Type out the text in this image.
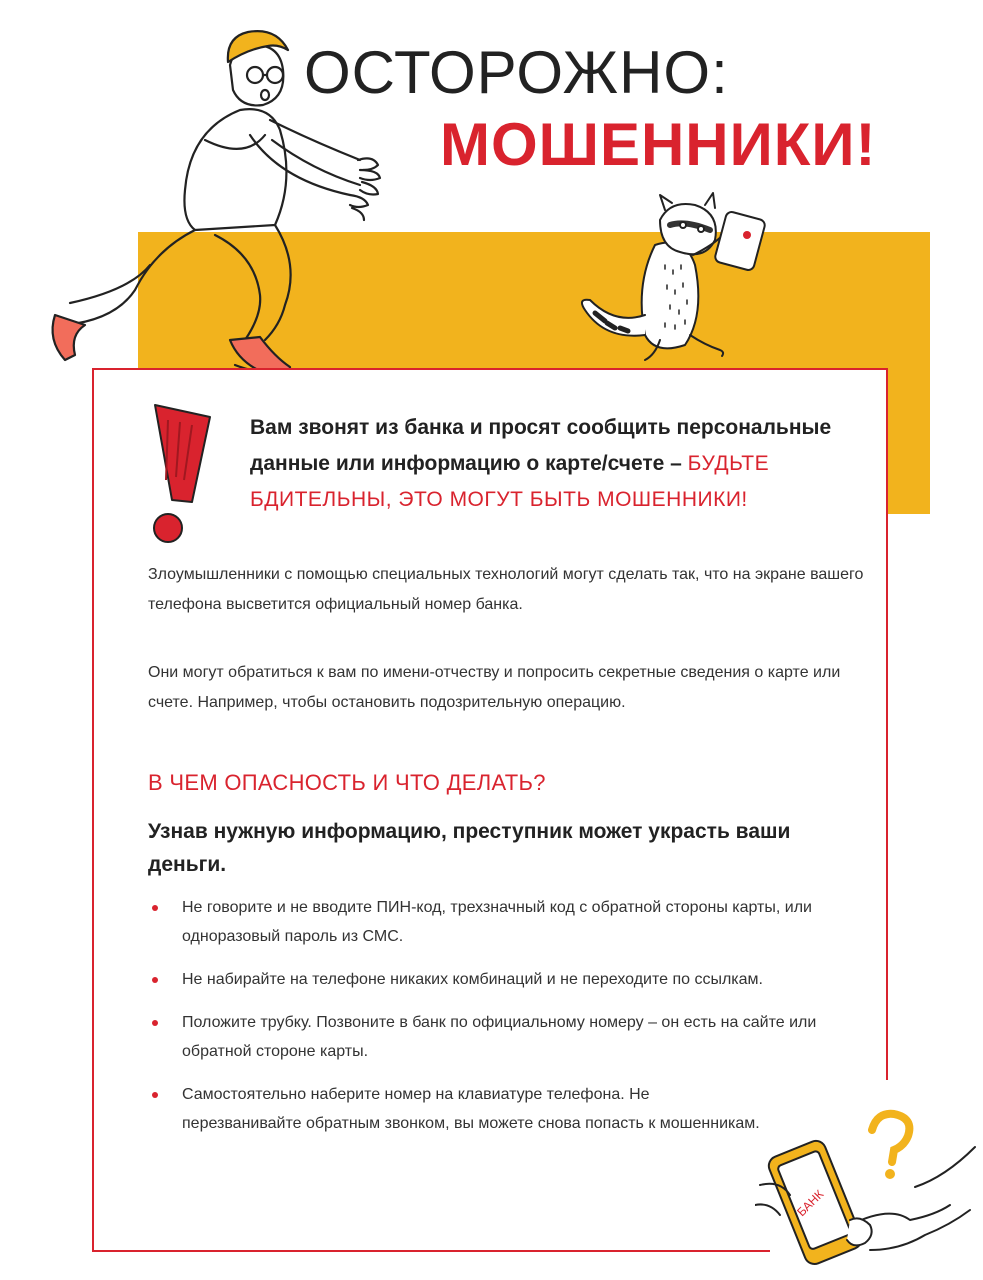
ОСТОРОЖНО:
МОШЕННИКИ!
Вам звонят из банка и просят сообщить персональные данные или информацию о карте/счете – БУДЬТЕ БДИТЕЛЬНЫ, ЭТО МОГУТ БЫТЬ МОШЕННИКИ!
Злоумышленники с помощью специальных технологий могут сделать так, что на экране вашего телефона высветится официальный номер банка.
Они могут обратиться к вам по имени-отчеству и попросить секретные сведения о карте или счете. Например, чтобы остановить подозрительную операцию.
В ЧЕМ ОПАСНОСТЬ И ЧТО ДЕЛАТЬ?
Узнав нужную информацию, преступник может украсть ваши деньги.
Не говорите и не вводите ПИН-код, трехзначный код с обратной стороны карты, или одноразовый пароль из СМС.
Не набирайте на телефоне никаких комбинаций и не переходите по ссылкам.
Положите трубку. Позвоните в банк по официальному номеру – он есть на сайте или обратной стороне карты.
Самостоятельно наберите номер на клавиатуре телефона. Не перезванивайте обратным звонком, вы можете снова попасть к мошенникам.
БАНК
